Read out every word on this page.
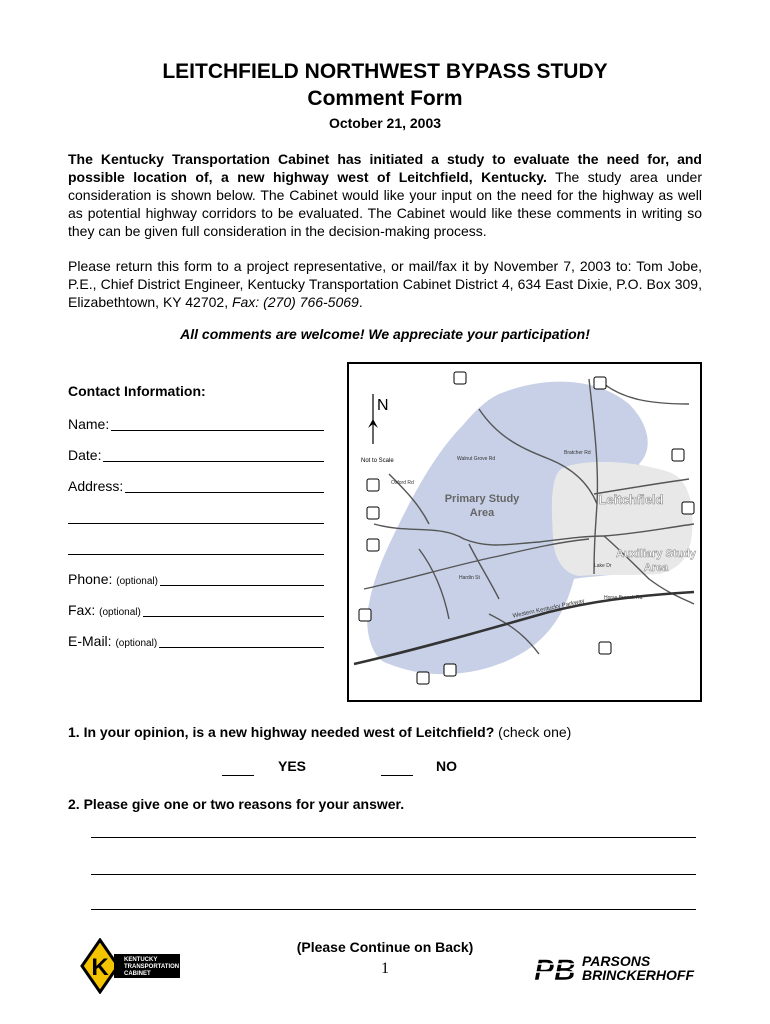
LEITCHFIELD NORTHWEST BYPASS STUDY
Comment Form
October 21, 2003
The Kentucky Transportation Cabinet has initiated a study to evaluate the need for, and possible location of, a new highway west of Leitchfield, Kentucky. The study area under consideration is shown below. The Cabinet would like your input on the need for the highway as well as potential highway corridors to be evaluated. The Cabinet would like these comments in writing so they can be given full consideration in the decision-making process.
Please return this form to a project representative, or mail/fax it by November 7, 2003 to: Tom Jobe, P.E., Chief District Engineer, Kentucky Transportation Cabinet District 4, 634 East Dixie, P.O. Box 309, Elizabethtown, KY 42702, Fax: (270) 766-5069.
All comments are welcome! We appreciate your participation!
Contact Information:
Name:
Date:
Address:
Phone: (optional)
Fax: (optional)
E-Mail: (optional)
N
Not to Scale
Primary Study
Area
Leitchfield
Auxiliary Study
Area
Western Kentucky Parkway
Oxford Rd
Walnut Grove Rd
Bratcher Rd
Lake Dr
Hardin St
Horse Branch Rd
1. In your opinion, is a new highway needed west of Leitchfield? (check one)
YES	NO
2. Please give one or two reasons for your answer.
(Please Continue on Back)
1
K	KENTUCKY
TRANSPORTATION
CABINET	PB PARSONS
BRINCKERHOFF
